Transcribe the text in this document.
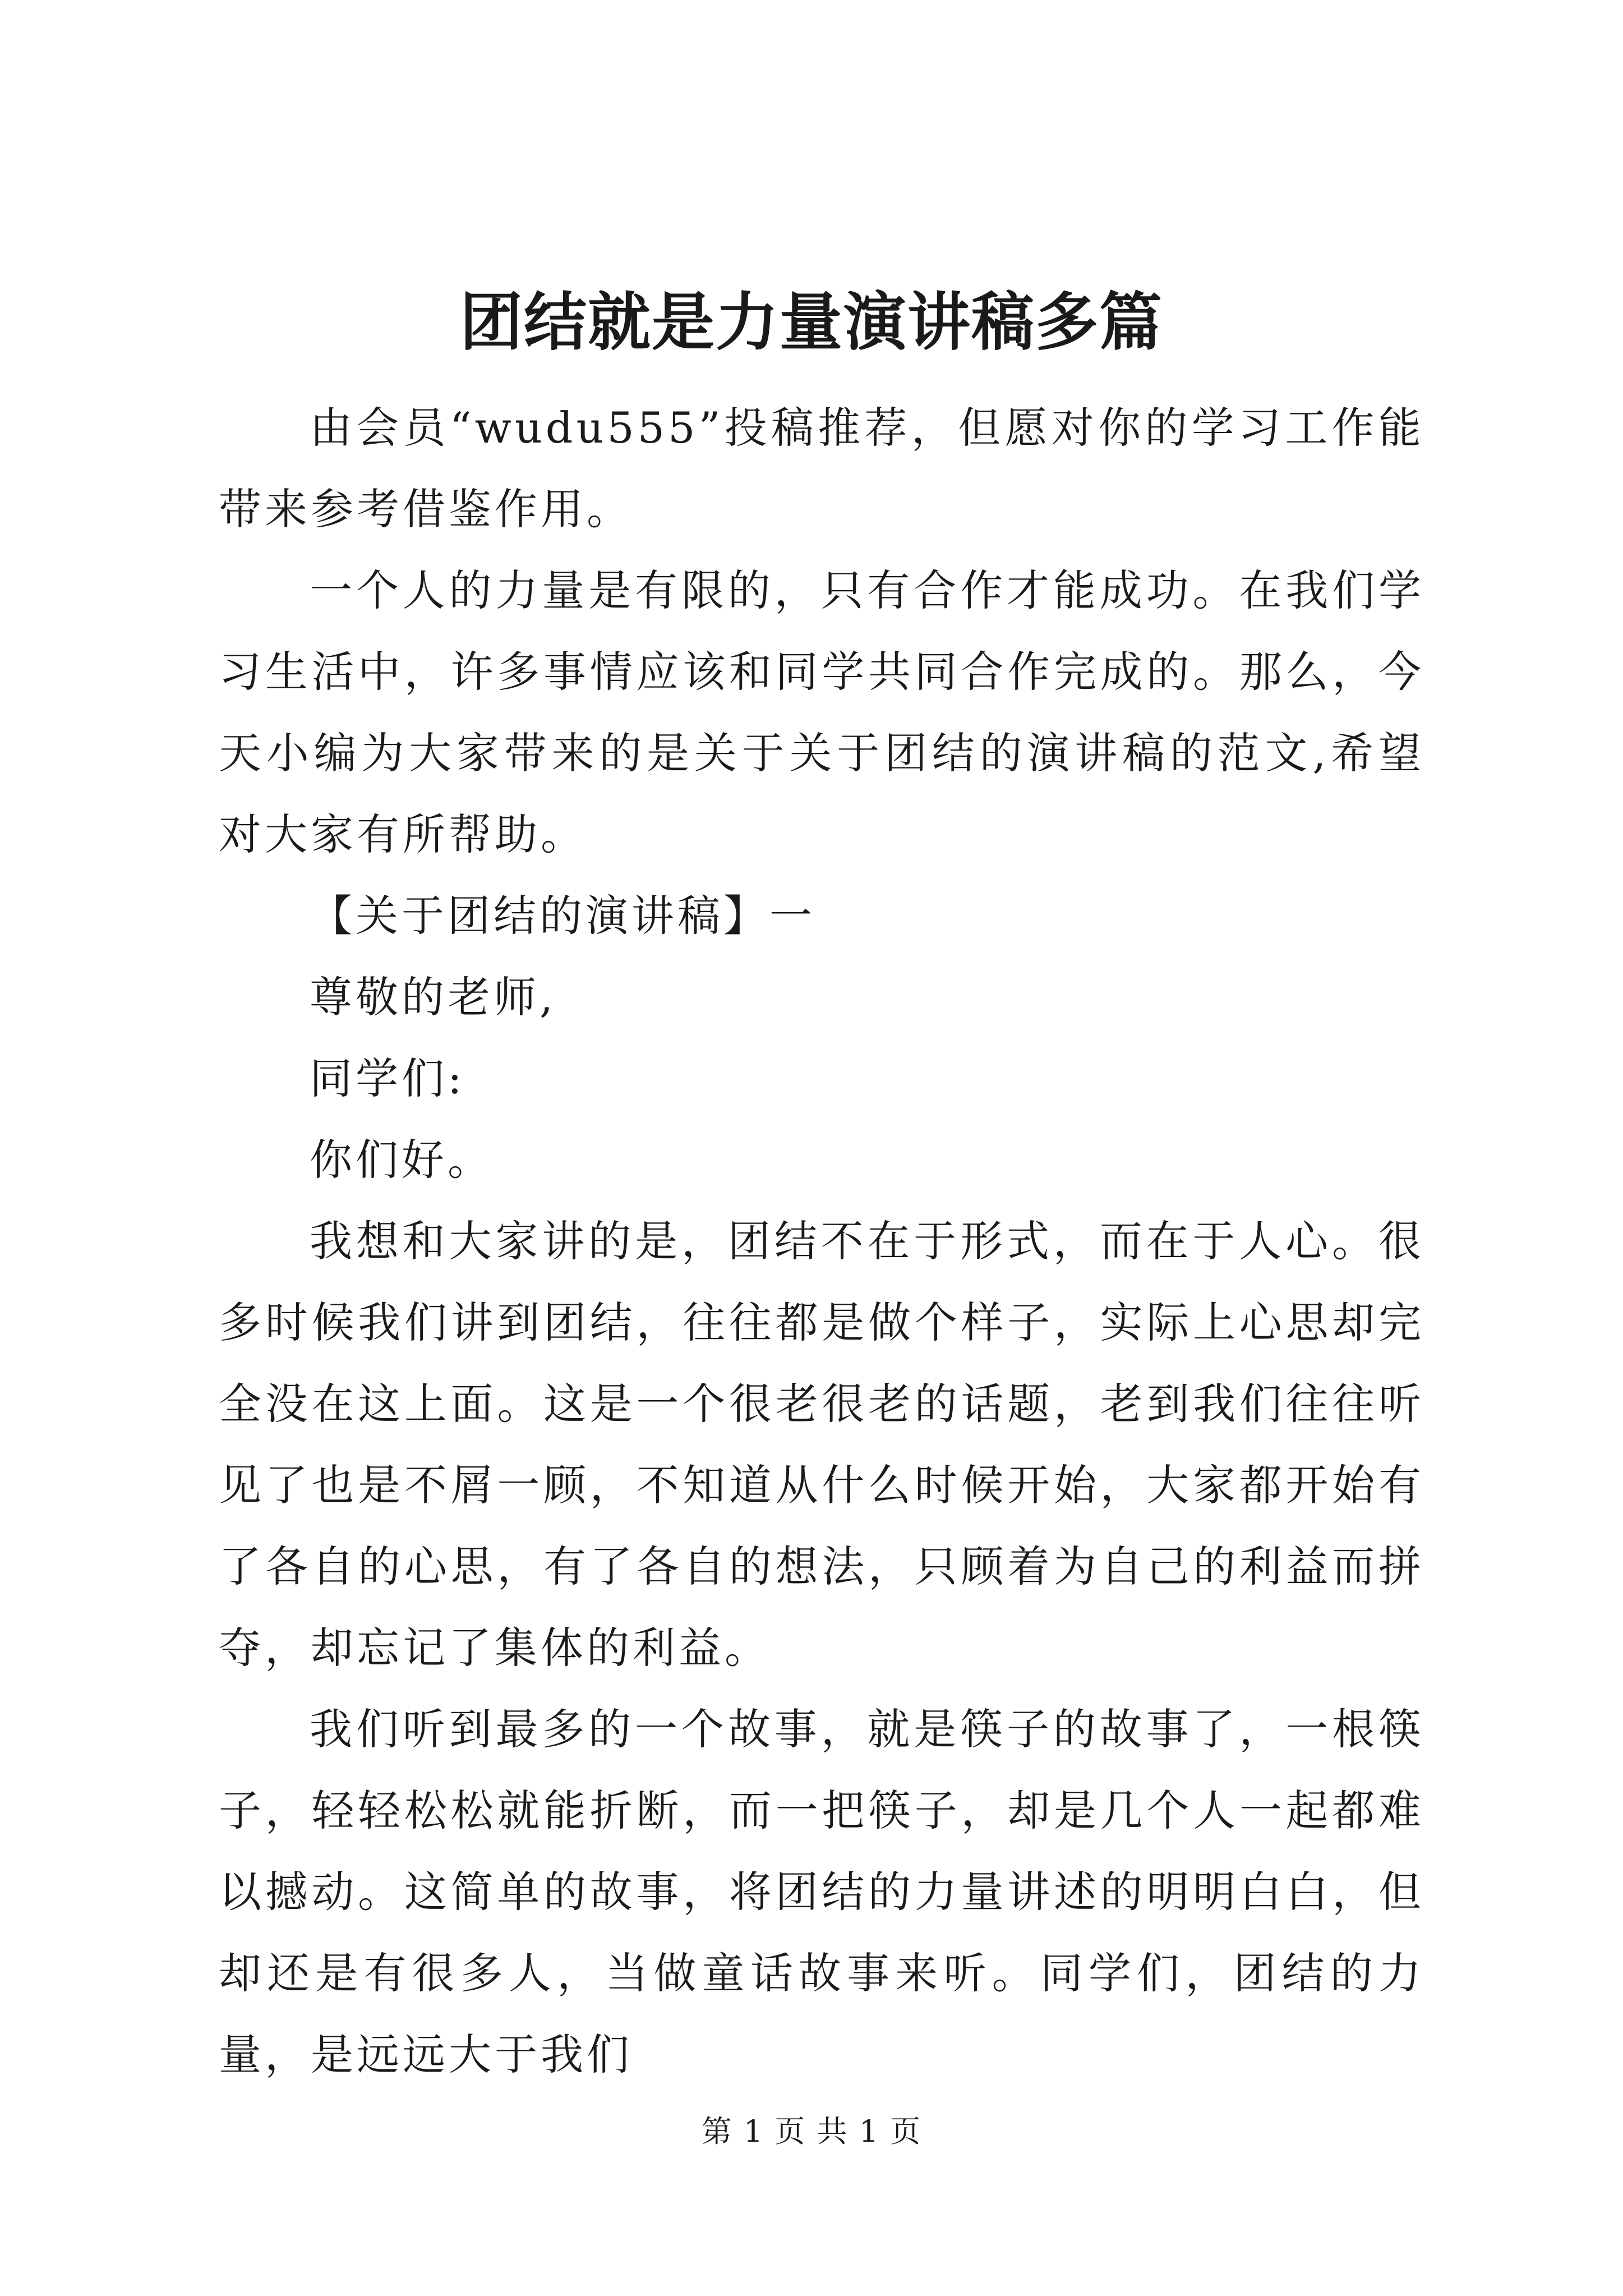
团结就是力量演讲稿多篇

由会员“wudu555”投稿推荐，但愿对你的学习工作能带来参考借鉴作用。

一个人的力量是有限的，只有合作才能成功。在我们学习生活中，许多事情应该和同学共同合作完成的。那么，今天小编为大家带来的是关于关于团结的演讲稿的范文,希望对大家有所帮助。

【关于团结的演讲稿】一

尊敬的老师,

同学们:

你们好。

我想和大家讲的是，团结不在于形式，而在于人心。很多时候我们讲到团结，往往都是做个样子，实际上心思却完全没在这上面。这是一个很老很老的话题，老到我们往往听见了也是不屑一顾，不知道从什么时候开始，大家都开始有了各自的心思，有了各自的想法，只顾着为自己的利益而拼夺，却忘记了集体的利益。

我们听到最多的一个故事，就是筷子的故事了，一根筷子，轻轻松松就能折断，而一把筷子，却是几个人一起都难以撼动。这简单的故事，将团结的力量讲述的明明白白，但却还是有很多人，当做童话故事来听。同学们，团结的力量，是远远大于我们

第 1 页 共 1 页
